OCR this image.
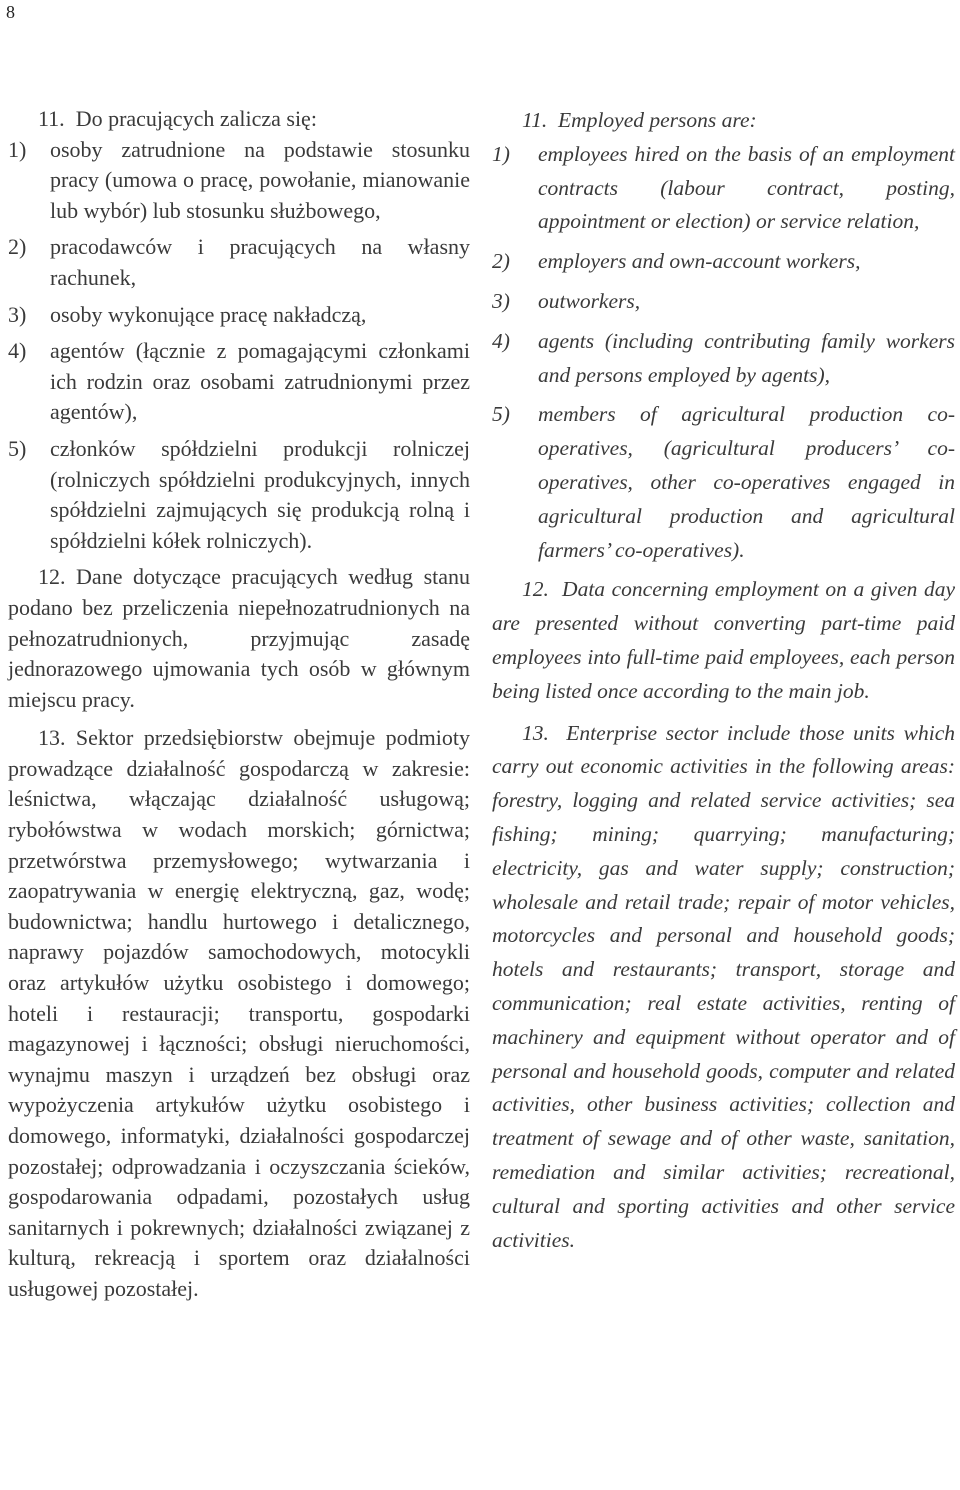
8

11. Do pracujących zalicza się:

1) osoby zatrudnione na podstawie stosunku pracy (umowa o pracę, powołanie, mianowanie lub wybór) lub stosunku służbowego,
2) pracodawców i pracujących na własny rachunek,
3) osoby wykonujące pracę nakładczą,
4) agentów (łącznie z pomagającymi członkami ich rodzin oraz osobami zatrudnionymi przez agentów),
5) członków spółdzielni produkcji rolniczej (rolniczych spółdzielni produkcyjnych, innych spółdzielni zajmujących się produkcją rolną i spółdzielni kółek rolniczych).

12. Dane dotyczące pracujących według stanu podano bez przeliczenia niepełnozatrudnionych na pełnozatrudnionych, przyjmując zasadę jednorazowego ujmowania tych osób w głównym miejscu pracy.

13. Sektor przedsiębiorstw obejmuje podmioty prowadzące działalność gospodarczą w zakresie: leśnictwa, włączając działalność usługową; rybołówstwa w wodach morskich; górnictwa; przetwórstwa przemysłowego; wytwarzania i zaopatrywania w energię elektryczną, gaz, wodę; budownictwa; handlu hurtowego i detalicznego, naprawy pojazdów samochodowych, motocykli oraz artykułów użytku osobistego i domowego; hoteli i restauracji; transportu, gospodarki magazynowej i łączności; obsługi nieruchomości, wynajmu maszyn i urządzeń bez obsługi oraz wypożyczenia artykułów użytku osobistego i domowego, informatyki, działalności gospodarczej pozostałej; odprowadzania i oczyszczania ścieków, gospodarowania odpadami, pozostałych usług sanitarnych i pokrewnych; działalności związanej z kulturą, rekreacją i sportem oraz działalności usługowej pozostałej.

11. Employed persons are:

1) employees hired on the basis of an employment contracts (labour contract, posting, appointment or election) or service relation,
2) employers and own-account workers,
3) outworkers,
4) agents (including contributing family workers and persons employed by agents),
5) members of agricultural production co-operatives, (agricultural producers’ co-operatives, other co-operatives engaged in agricultural production and agricultural farmers’ co-operatives).

12. Data concerning employment on a given day are presented without converting part-time paid employees into full-time paid employees, each person being listed once according to the main job.

13. Enterprise sector include those units which carry out economic activities in the following areas: forestry, logging and related service activities; sea fishing; mining; quarrying; manufacturing; electricity, gas and water supply; construction; wholesale and retail trade; repair of motor vehicles, motorcycles and personal and household goods; hotels and restaurants; transport, storage and communication; real estate activities, renting of machinery and equipment without operator and of personal and household goods, computer and related activities, other business activities; collection and treatment of sewage and of other waste, sanitation, remediation and similar activities; recreational, cultural and sporting activities and other service activities.
